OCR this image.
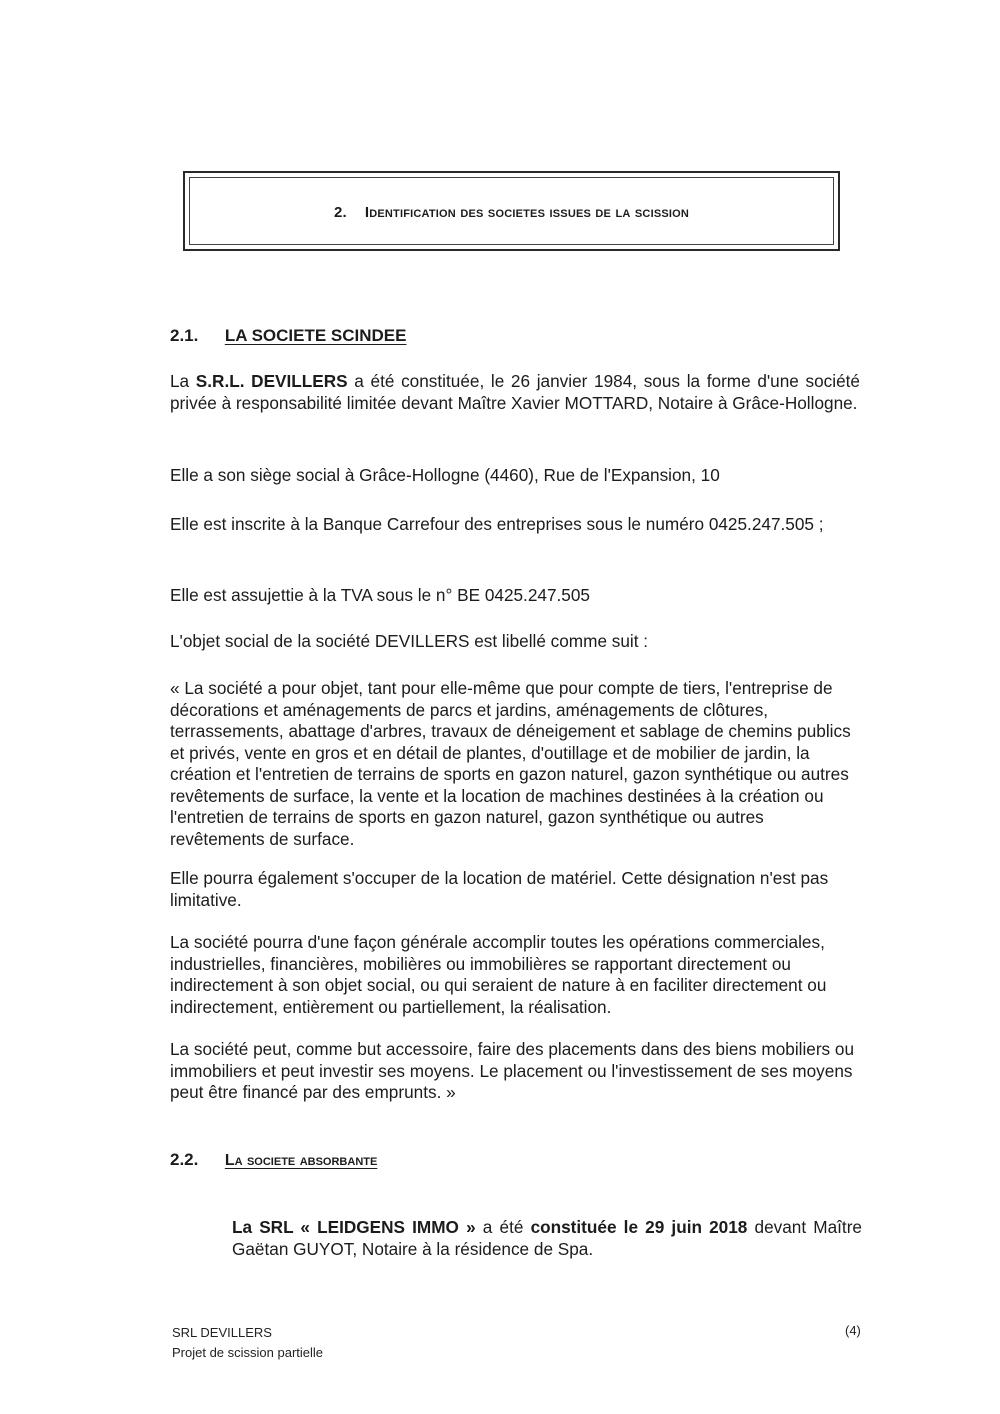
2. Identification des societes issues de la scission
2.1. LA SOCIETE SCINDEE
La S.R.L. DEVILLERS a été constituée, le 26 janvier 1984, sous la forme d'une société privée à responsabilité limitée devant Maître Xavier MOTTARD, Notaire à Grâce-Hollogne.
Elle a son siège social à Grâce-Hollogne (4460), Rue de l'Expansion, 10
Elle est inscrite à la Banque Carrefour des entreprises sous le numéro 0425.247.505 ;
Elle est assujettie à la TVA sous le n° BE 0425.247.505
L'objet social de la société DEVILLERS est libellé comme suit :
« La société a pour objet, tant pour elle-même que pour compte de tiers, l'entreprise de décorations et aménagements de parcs et jardins, aménagements de clôtures, terrassements, abattage d'arbres, travaux de déneigement et sablage de chemins publics et privés, vente en gros et en détail de plantes, d'outillage et de mobilier de jardin, la création et l'entretien de terrains de sports en gazon naturel, gazon synthétique ou autres revêtements de surface, la vente et la location de machines destinées à la création ou l'entretien de terrains de sports en gazon naturel, gazon synthétique ou autres revêtements de surface.
Elle pourra également s'occuper de la location de matériel. Cette désignation n'est pas limitative.
La société pourra d'une façon générale accomplir toutes les opérations commerciales, industrielles, financières, mobilières ou immobilières se rapportant directement ou indirectement à son objet social, ou qui seraient de nature à en faciliter directement ou indirectement, entièrement ou partiellement, la réalisation.
La société peut, comme but accessoire, faire des placements dans des biens mobiliers ou immobiliers et peut investir ses moyens. Le placement ou l'investissement de ses moyens peut être financé par des emprunts. »
2.2. La societe absorbante
La SRL « LEIDGENS IMMO » a été constituée le 29 juin 2018 devant Maître Gaëtan GUYOT, Notaire à la résidence de Spa.
SRL DEVILLERS
Projet de scission partielle
(4)
